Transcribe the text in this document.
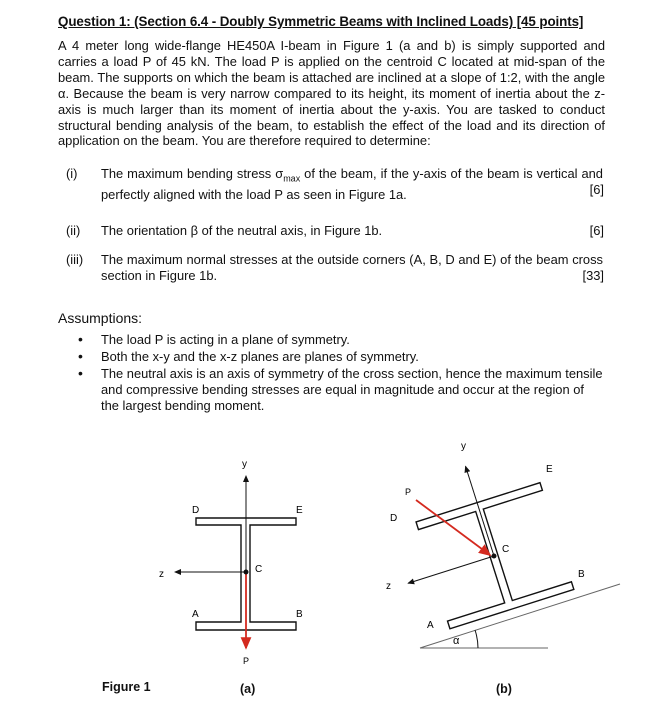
Question 1: (Section 6.4 - Doubly Symmetric Beams with Inclined Loads) [45 points]
A 4 meter long wide-flange HE450A I-beam in Figure 1 (a and b) is simply supported and carries a load P of 45 kN. The load P is applied on the centroid C located at mid-span of the beam. The supports on which the beam is attached are inclined at a slope of 1:2, with the angle α. Because the beam is very narrow compared to its height, its moment of inertia about the z-axis is much larger than its moment of inertia about the y-axis. You are tasked to conduct structural bending analysis of the beam, to establish the effect of the load and its direction of application on the beam. You are therefore required to determine:
(i) The maximum bending stress $\sigma_{max}$ of the beam, if the y-axis of the beam is vertical and perfectly aligned with the load P as seen in Figure 1a.	[6]
(ii) The orientation β of the neutral axis, in Figure 1b.	[6]
(iii) The maximum normal stresses at the outside corners (A, B, D and E) of the beam cross section in Figure 1b.	[33]
Assumptions:
• The load P is acting in a plane of symmetry.
• Both the x-y and the x-z planes are planes of symmetry.
• The neutral axis is an axis of symmetry of the cross section, hence the maximum tensile and compressive bending stresses are equal in magnitude and occur at the region of the largest bending moment.
y
z
D	E
A	B
C
P
y
z
D
E
A
B
C
P
α
Figure 1	(a)	(b)
